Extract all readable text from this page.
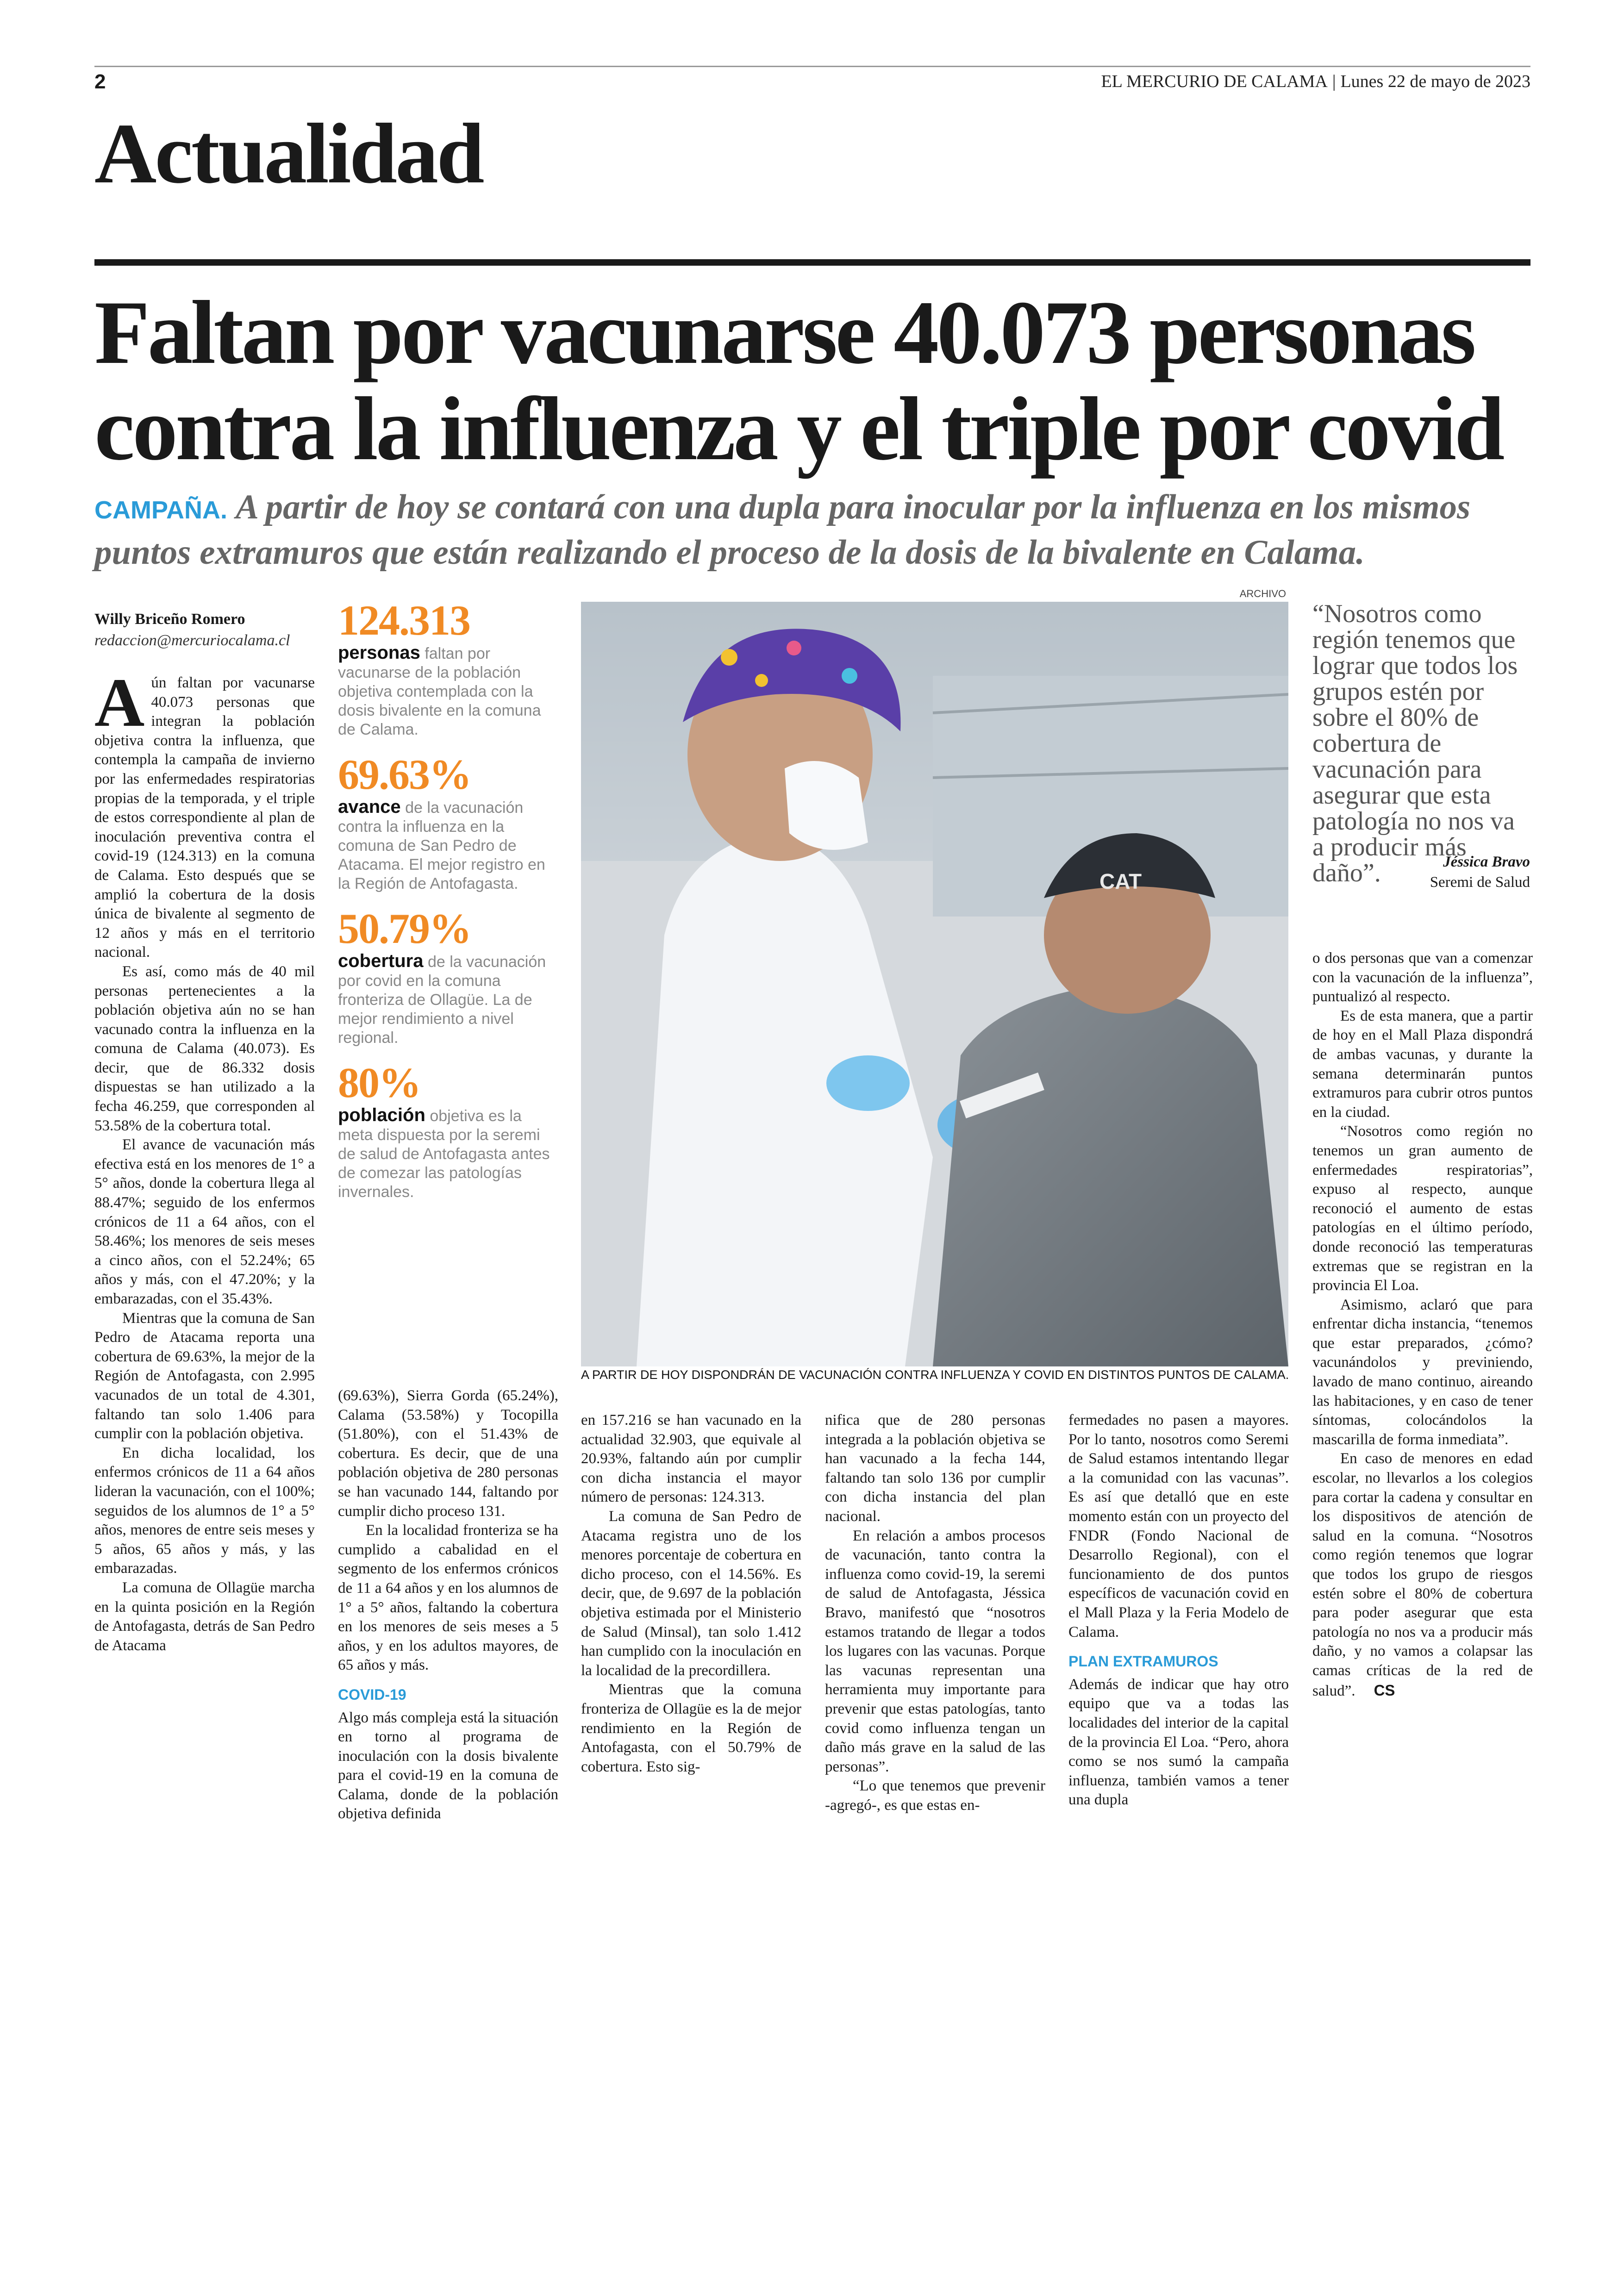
2	EL MERCURIO DE CALAMA | Lunes 22 de mayo de 2023
Actualidad
Faltan por vacunarse 40.073 personas
contra la influenza y el triple por covid
CAMPAÑA. A partir de hoy se contará con una dupla para inocular por la influenza en los mismos puntos extramuros que están realizando el proceso de la dosis de la bivalente en Calama.
Willy Briceño Romero
redaccion@mercuriocalama.cl

Aún faltan por vacunarse 40.073 personas que integran la población objetiva contra la influenza, que contempla la campaña de invierno por las enfermedades respiratorias propias de la temporada, y el triple de estos correspondiente al plan de inoculación preventiva contra el covid-19 (124.313) en la comuna de Calama. Esto después que se amplió la cobertura de la dosis única de bivalente al segmento de 12 años y más en el territorio nacional.

Es así, como más de 40 mil personas pertenecientes a la población objetiva aún no se han vacunado contra la influenza en la comuna de Calama (40.073). Es decir, que de 86.332 dosis dispuestas se han utilizado a la fecha 46.259, que corresponden al 53.58% de la cobertura total.

El avance de vacunación más efectiva está en los menores de 1° a 5° años, donde la cobertura llega al 88.47%; seguido de los enfermos crónicos de 11 a 64 años, con el 58.46%; los menores de seis meses a cinco años, con el 52.24%; 65 años y más, con el 47.20%; y la embarazadas, con el 35.43%.

Mientras que la comuna de San Pedro de Atacama reporta una cobertura de 69.63%, la mejor de la Región de Antofagasta, con 2.995 vacunados de un total de 4.301, faltando tan solo 1.406 para cumplir con la población objetiva.

En dicha localidad, los enfermos crónicos de 11 a 64 años lideran la vacunación, con el 100%; seguidos de los alumnos de 1° a 5° años, menores de entre seis meses y 5 años, 65 años y más, y las embarazadas.

La comuna de Ollagüe marcha en la quinta posición en la Región de Antofagasta, detrás de San Pedro de Atacama

124.313
personas faltan por vacunarse de la población objetiva contemplada con la dosis bivalente en la comuna de Calama.
69.63%
avance de la vacunación contra la influenza en la comuna de San Pedro de Atacama. El mejor registro en la Región de Antofagasta.
50.79%
cobertura de la vacunación por covid en la comuna fronteriza de Ollagüe. La de mejor rendimiento a nivel regional.
80%
población objetiva es la meta dispuesta por la seremi de salud de Antofagasta antes de comezar las patologías invernales.
ARCHIVO
CAT
A PARTIR DE HOY DISPONDRÁN DE VACUNACIÓN CONTRA INFLUENZA Y COVID EN DISTINTOS PUNTOS DE CALAMA.
“Nosotros como región tenemos que lograr que todos los grupos estén por sobre el 80% de cobertura de vacunación para asegurar que esta patología no nos va a producir más daño”.	Jéssica Bravo
Seremi de Salud

(69.63%), Sierra Gorda (65.24%), Calama (53.58%) y Tocopilla (51.80%), con el 51.43% de cobertura. Es decir, que de una población objetiva de 280 personas se han vacunado 144, faltando por cumplir dicho proceso 131.

En la localidad fronteriza se ha cumplido a cabalidad en el segmento de los enfermos crónicos de 11 a 64 años y en los alumnos de 1° a 5° años, faltando la cobertura en los menores de seis meses a 5 años, y en los adultos mayores, de 65 años y más.

COVID-19

Algo más compleja está la situación en torno al programa de inoculación con la dosis bivalente para el covid-19 en la comuna de Calama, donde de la población objetiva definida

en 157.216 se han vacunado en la actualidad 32.903, que equivale al 20.93%, faltando aún por cumplir con dicha instancia el mayor número de personas: 124.313.

La comuna de San Pedro de Atacama registra uno de los menores porcentaje de cobertura en dicho proceso, con el 14.56%. Es decir, que, de 9.697 de la población objetiva estimada por el Ministerio de Salud (Minsal), tan solo 1.412 han cumplido con la inoculación en la localidad de la precordillera.

Mientras que la comuna fronteriza de Ollagüe es la de mejor rendimiento en la Región de Antofagasta, con el 50.79% de cobertura. Esto sig-

nifica que de 280 personas integrada a la población objetiva se han vacunado a la fecha 144, faltando tan solo 136 por cumplir con dicha instancia del plan nacional.

En relación a ambos procesos de vacunación, tanto contra la influenza como covid-19, la seremi de salud de Antofagasta, Jéssica Bravo, manifestó que “nosotros estamos tratando de llegar a todos los lugares con las vacunas. Porque las vacunas representan una herramienta muy importante para prevenir que estas patologías, tanto covid como influenza tengan un daño más grave en la salud de las personas”.

“Lo que tenemos que prevenir -agregó-, es que estas en-

fermedades no pasen a mayores. Por lo tanto, nosotros como Seremi de Salud estamos intentando llegar a la comunidad con las vacunas”. Es así que detalló que en este momento están con un proyecto del FNDR (Fondo Nacional de Desarrollo Regional), con el funcionamiento de dos puntos específicos de vacunación covid en el Mall Plaza y la Feria Modelo de Calama.

PLAN EXTRAMUROS

Además de indicar que hay otro equipo que va a todas las localidades del interior de la capital de la provincia El Loa. “Pero, ahora como se nos sumó la campaña influenza, también vamos a tener una dupla

o dos personas que van a comenzar con la vacunación de la influenza”, puntualizó al respecto.

Es de esta manera, que a partir de hoy en el Mall Plaza dispondrá de ambas vacunas, y durante la semana determinarán puntos extramuros para cubrir otros puntos en la ciudad.

“Nosotros como región no tenemos un gran aumento de enfermedades respiratorias”, expuso al respecto, aunque reconoció el aumento de estas patologías en el último período, donde reconoció las temperaturas extremas que se registran en la provincia El Loa.

Asimismo, aclaró que para enfrentar dicha instancia, “tenemos que estar preparados, ¿cómo? vacunándolos y previniendo, lavado de mano continuo, aireando las habitaciones, y en caso de tener síntomas, colocándolos la mascarilla de forma inmediata”.

En caso de menores en edad escolar, no llevarlos a los colegios para cortar la cadena y consultar en los dispositivos de atención de salud en la comuna. “Nosotros como región tenemos que lograr que todos los grupo de riesgos estén sobre el 80% de cobertura para poder asegurar que esta patología no nos va a producir más daño, y no vamos a colapsar las camas críticas de la red de salud”. CS
